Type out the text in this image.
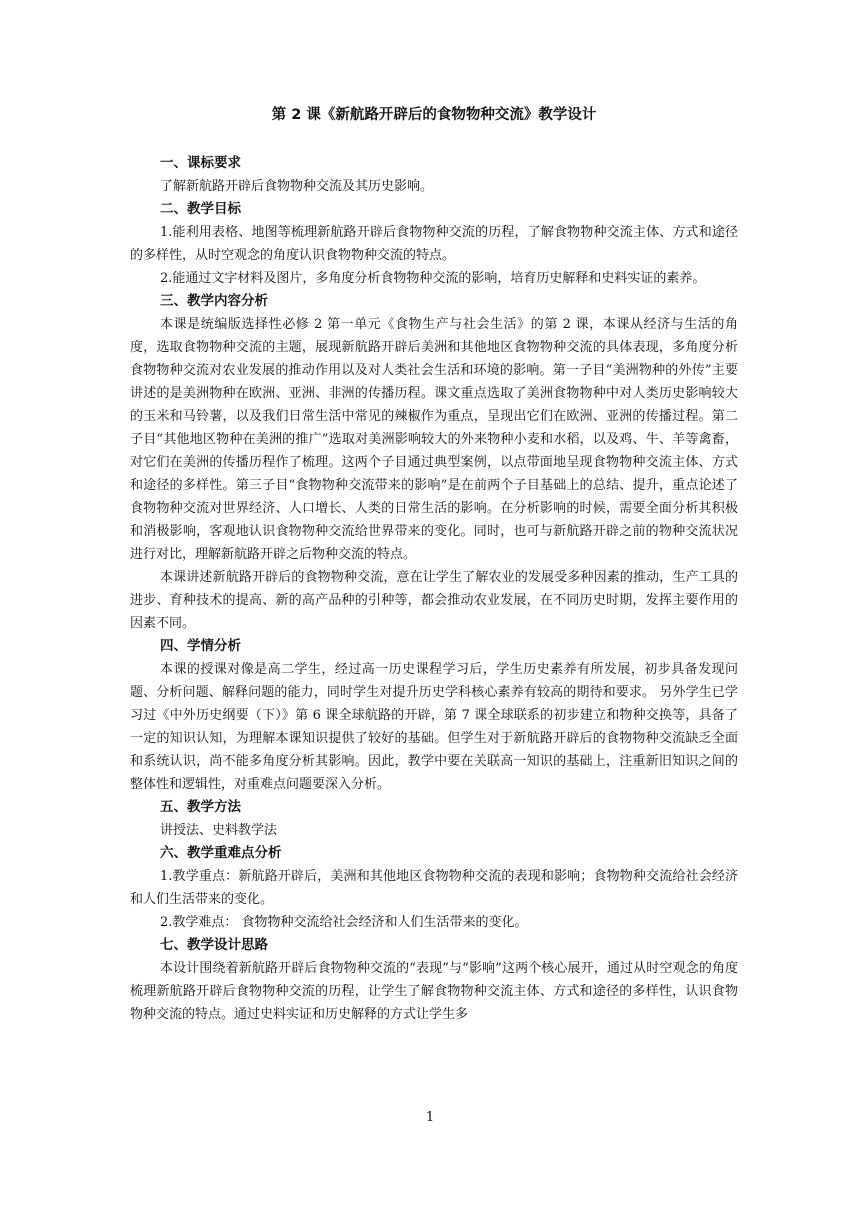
第 2 课《新航路开辟后的食物物种交流》教学设计
一、课标要求
了解新航路开辟后食物物种交流及其历史影响。
二、教学目标
1.能利用表格、地图等梳理新航路开辟后食物物种交流的历程，了解食物物种交流主体、方式和途径的多样性，从时空观念的角度认识食物物种交流的特点。
2.能通过文字材料及图片，多角度分析食物物种交流的影响，培育历史解释和史料实证的素养。
三、教学内容分析
本课是统编版选择性必修 2 第一单元《食物生产与社会生活》的第 2 课，本课从经济与生活的角度，选取食物物种交流的主题，展现新航路开辟后美洲和其他地区食物物种交流的具体表现，多角度分析食物物种交流对农业发展的推动作用以及对人类社会生活和环境的影响。第一子目“美洲物种的外传”主要讲述的是美洲物种在欧洲、亚洲、非洲的传播历程。课文重点选取了美洲食物物种中对人类历史影响较大的玉米和马铃薯，以及我们日常生活中常见的辣椒作为重点，呈现出它们在欧洲、亚洲的传播过程。第二子目“其他地区物种在美洲的推广”选取对美洲影响较大的外来物种小麦和水稻，以及鸡、牛、羊等禽畜，对它们在美洲的传播历程作了梳理。这两个子目通过典型案例，以点带面地呈现食物物种交流主体、方式和途径的多样性。第三子目“食物物种交流带来的影响”是在前两个子目基础上的总结、提升，重点论述了食物物种交流对世界经济、人口增长、人类的日常生活的影响。在分析影响的时候，需要全面分析其积极和消极影响，客观地认识食物物种交流给世界带来的变化。同时，也可与新航路开辟之前的物种交流状况进行对比，理解新航路开辟之后物种交流的特点。
本课讲述新航路开辟后的食物物种交流，意在让学生了解农业的发展受多种因素的推动，生产工具的进步、育种技术的提高、新的高产品种的引种等，都会推动农业发展，在不同历史时期，发挥主要作用的因素不同。
四、学情分析
本课的授课对像是高二学生，经过高一历史课程学习后，学生历史素养有所发展，初步具备发现问题、分析问题、解释问题的能力，同时学生对提升历史学科核心素养有较高的期待和要求。 另外学生已学习过《中外历史纲要（下）》第 6 课全球航路的开辟，第 7 课全球联系的初步建立和物种交换等，具备了一定的知识认知，为理解本课知识提供了较好的基础。但学生对于新航路开辟后的食物物种交流缺乏全面和系统认识，尚不能多角度分析其影响。因此，教学中要在关联高一知识的基础上，注重新旧知识之间的整体性和逻辑性，对重难点问题要深入分析。
五、教学方法
讲授法、史料教学法
六、教学重难点分析
1.教学重点：新航路开辟后，美洲和其他地区食物物种交流的表现和影响；食物物种交流给社会经济和人们生活带来的变化。
2.教学难点： 食物物种交流给社会经济和人们生活带来的变化。
七、教学设计思路
本设计围绕着新航路开辟后食物物种交流的“表现”与“影响”这两个核心展开，通过从时空观念的角度梳理新航路开辟后食物物种交流的历程，让学生了解食物物种交流主体、方式和途径的多样性，认识食物物种交流的特点。通过史料实证和历史解释的方式让学生多
1
